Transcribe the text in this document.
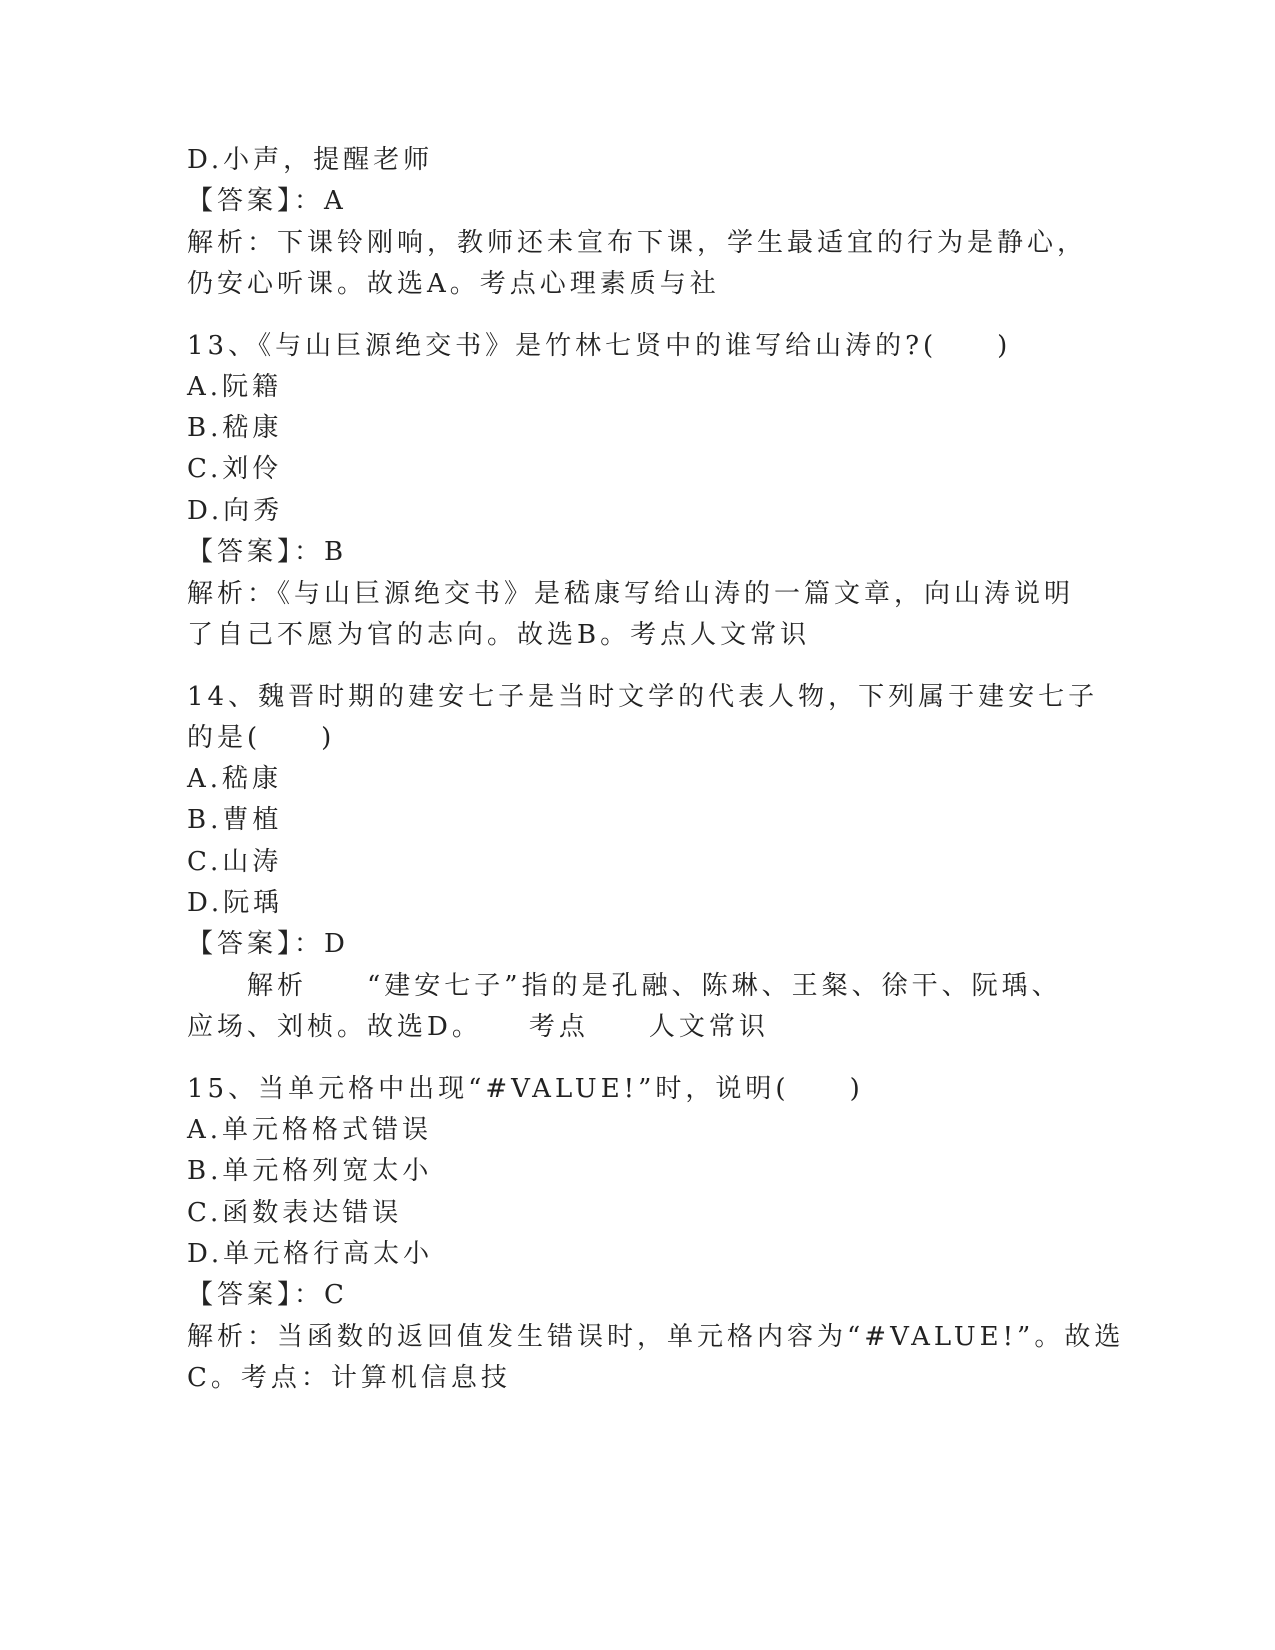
D.小声，提醒老师
【答案】：A
解析：下课铃刚响，教师还未宣布下课，学生最适宜的行为是静心，
仍安心听课。故选A。考点心理素质与社
13、《与山巨源绝交书》是竹林七贤中的谁写给山涛的?(　　)
A.阮籍
B.嵇康
C.刘伶
D.向秀
【答案】：B
解析：《与山巨源绝交书》是嵇康写给山涛的一篇文章，向山涛说明
了自己不愿为官的志向。故选B。考点人文常识
14、魏晋时期的建安七子是当时文学的代表人物，下列属于建安七子
的是(　　)
A.嵇康
B.曹植
C.山涛
D.阮瑀
【答案】：D
　　解析　　“建安七子”指的是孔融、陈琳、王粲、徐干、阮瑀、
应场、刘桢。故选D。　　考点　　人文常识
15、当单元格中出现“#VALUE!”时，说明(　　)
A.单元格格式错误
B.单元格列宽太小
C.函数表达错误
D.单元格行高太小
【答案】：C
解析：当函数的返回值发生错误时，单元格内容为“#VALUE!”。故选
C。考点：计算机信息技
